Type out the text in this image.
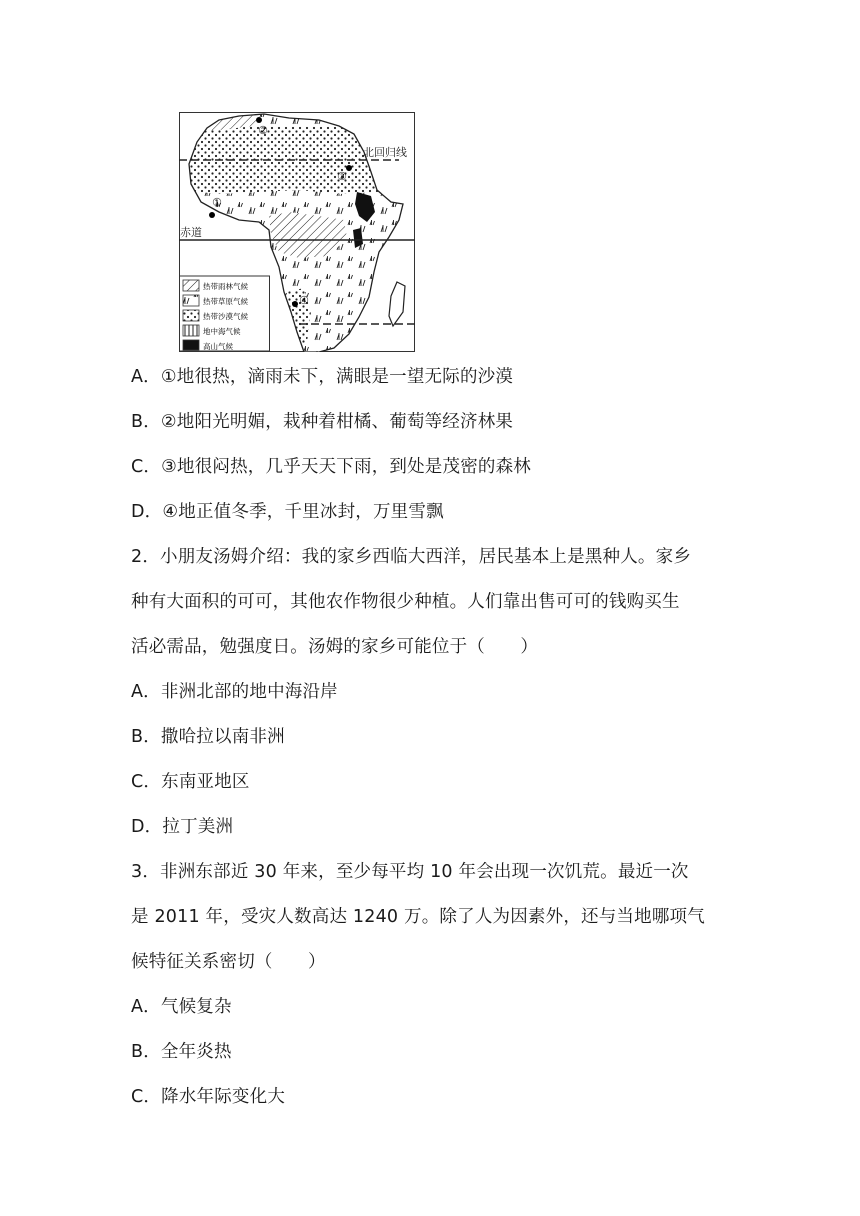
北回归线
赤道
①
②
③
④
热带雨林气候
热带草原气候
热带沙漠气候
地中海气候
高山气候
A．①地很热，滴雨未下，满眼是一望无际的沙漠
B．②地阳光明媚，栽种着柑橘、葡萄等经济林果
C．③地很闷热，几乎天天下雨，到处是茂密的森林
D．④地正值冬季，千里冰封，万里雪飘
2．小朋友汤姆介绍：我的家乡西临大西洋，居民基本上是黑种人。家乡
种有大面积的可可，其他农作物很少种植。人们靠出售可可的钱购买生
活必需品，勉强度日。汤姆的家乡可能位于（　　）
A．非洲北部的地中海沿岸
B．撒哈拉以南非洲
C．东南亚地区
D．拉丁美洲
3．非洲东部近 30 年来，至少每平均 10 年会出现一次饥荒。最近一次
是 2011 年，受灾人数高达 1240 万。除了人为因素外，还与当地哪项气
候特征关系密切（　　）
A．气候复杂
B．全年炎热
C．降水年际变化大
